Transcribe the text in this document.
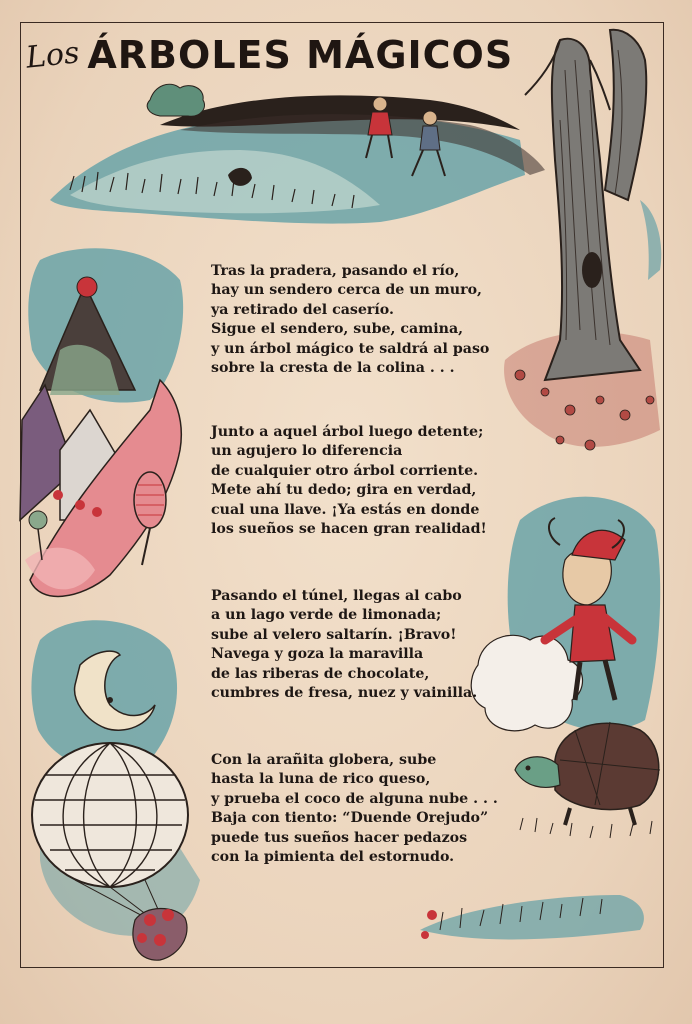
Los ÁRBOLES MÁGICOS
Tras la pradera, pasando el río,
hay un sendero cerca de un muro,
ya retirado del caserío.
Sigue el sendero, sube, camina,
y un árbol mágico te saldrá al paso
sobre la cresta de la colina . . .
Junto a aquel árbol luego detente;
un agujero lo diferencia
de cualquier otro árbol corriente.
Mete ahí tu dedo; gira en verdad,
cual una llave. ¡Ya estás en donde
los sueños se hacen gran realidad!
Pasando el túnel, llegas al cabo
a un lago verde de limonada;
sube al velero saltarín. ¡Bravo!
Navega y goza la maravilla
de las riberas de chocolate,
cumbres de fresa, nuez y vainilla.
Con la arañita globera, sube
hasta la luna de rico queso,
y prueba el coco de alguna nube . . .
Baja con tiento: “Duende Orejudo”
puede tus sueños hacer pedazos
con la pimienta del estornudo.
